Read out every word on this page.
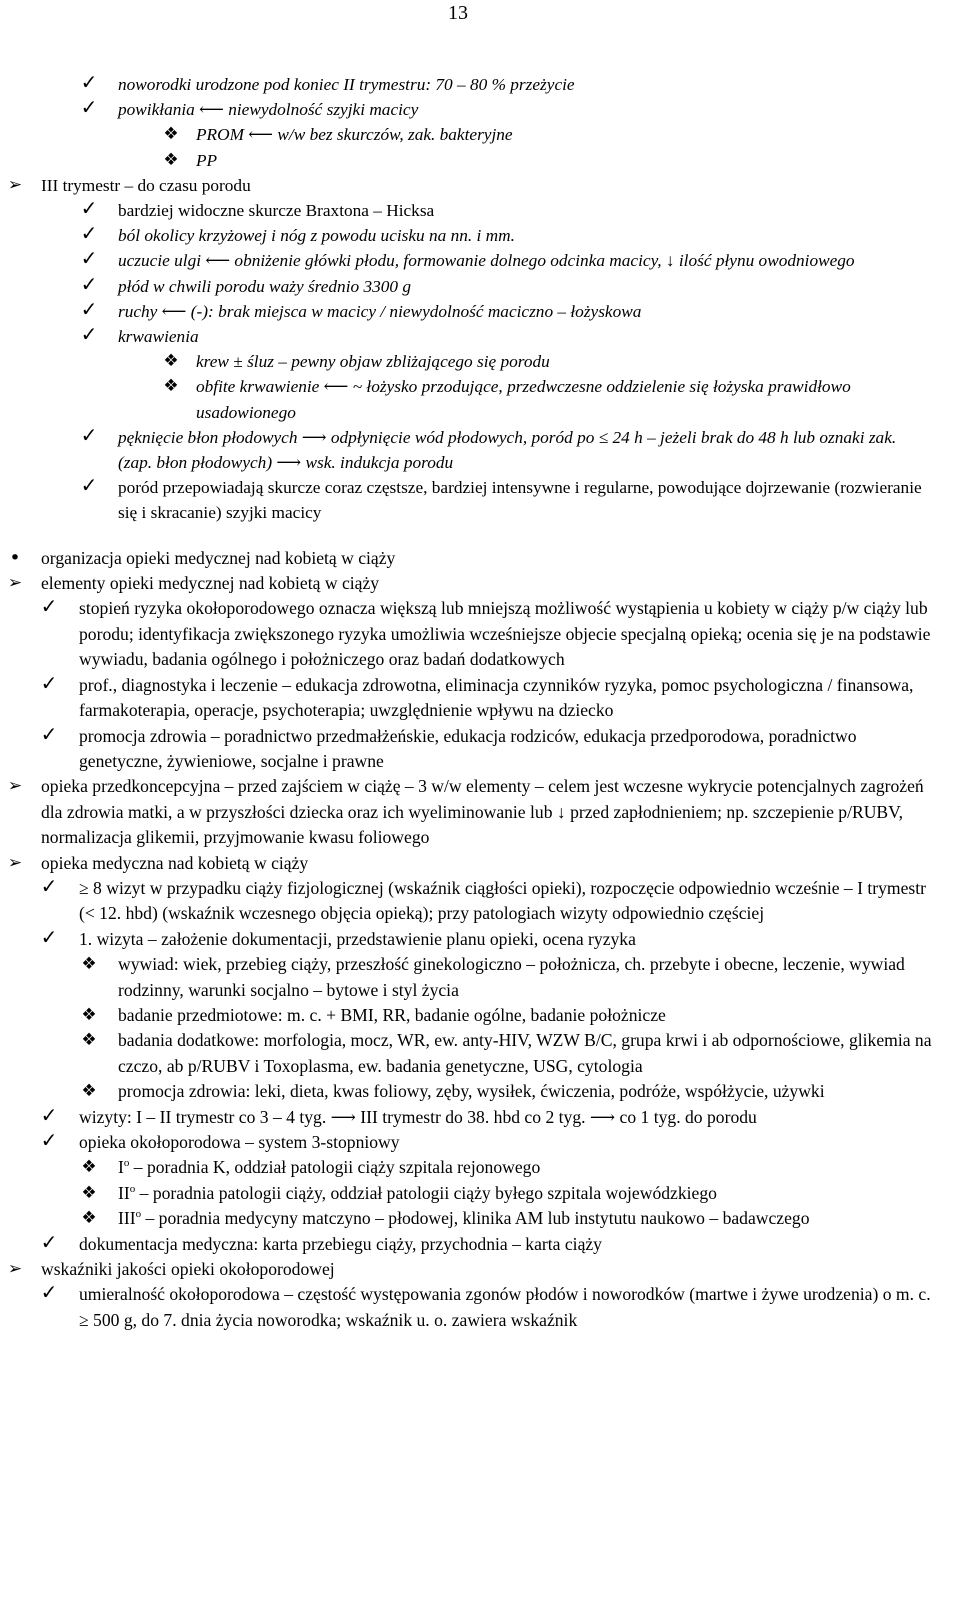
13
✓ noworodki urodzone pod koniec II trymestru: 70 – 80 % przeżycie
✓ powikłania ⟵ niewydolność szyjki macicy
❖ PROM ⟵ w/w bez skurczów, zak. bakteryjne
❖ PP
➢ III trymestr – do czasu porodu
✓ bardziej widoczne skurcze Braxtona – Hicksa
✓ ból okolicy krzyżowej i nóg z powodu ucisku na nn. i mm.
✓ uczucie ulgi ⟵ obniżenie główki płodu, formowanie dolnego odcinka macicy, ↓ ilość płynu owodniowego
✓ płód w chwili porodu waży średnio 3300 g
✓ ruchy ⟵ (-): brak miejsca w macicy / niewydolność maciczno – łożyskowa
✓ krwawienia
❖ krew ± śluz – pewny objaw zbliżającego się porodu
❖ obfite krwawienie ⟵ ~ łożysko przodujące, przedwczesne oddzielenie się łożyska prawidłowo usadowionego
✓ pęknięcie błon płodowych ⟶ odpłynięcie wód płodowych, poród po ≤ 24 h – jeżeli brak do 48 h lub oznaki zak. (zap. błon płodowych) ⟶ wsk. indukcja porodu
✓ poród przepowiadają skurcze coraz częstsze, bardziej intensywne i regularne, powodujące dojrzewanie (rozwieranie się i skracanie) szyjki macicy
•	organizacja opieki medycznej nad kobietą w ciąży
➢ elementy opieki medycznej nad kobietą w ciąży
✓ stopień ryzyka okołoporodowego oznacza większą lub mniejszą możliwość wystąpienia u kobiety w ciąży p/w ciąży lub porodu; identyfikacja zwiększonego ryzyka umożliwia wcześniejsze objecie specjalną opieką; ocenia się je na podstawie wywiadu, badania ogólnego i położniczego oraz badań dodatkowych
✓ prof., diagnostyka i leczenie – edukacja zdrowotna, eliminacja czynników ryzyka, pomoc psychologiczna / finansowa, farmakoterapia, operacje, psychoterapia; uwzględnienie wpływu na dziecko
✓ promocja zdrowia – poradnictwo przedmałżeńskie, edukacja rodziców, edukacja przedporodowa, poradnictwo genetyczne, żywieniowe, socjalne i prawne
➢ opieka przedkoncepcyjna – przed zajściem w ciążę – 3 w/w elementy – celem jest wczesne wykrycie potencjalnych zagrożeń dla zdrowia matki, a w przyszłości dziecka oraz ich wyeliminowanie lub ↓ przed zapłodnieniem; np. szczepienie p/RUBV, normalizacja glikemii, przyjmowanie kwasu foliowego
➢ opieka medyczna nad kobietą w ciąży
✓ ≥ 8 wizyt w przypadku ciąży fizjologicznej (wskaźnik ciągłości opieki), rozpoczęcie odpowiednio wcześnie – I trymestr (< 12. hbd) (wskaźnik wczesnego objęcia opieką); przy patologiach wizyty odpowiednio częściej
✓ 1. wizyta – założenie dokumentacji, przedstawienie planu opieki, ocena ryzyka
❖ wywiad: wiek, przebieg ciąży, przeszłość ginekologiczno – położnicza, ch. przebyte i obecne, leczenie, wywiad rodzinny, warunki socjalno – bytowe i styl życia
❖ badanie przedmiotowe: m. c. + BMI, RR, badanie ogólne, badanie położnicze
❖ badania dodatkowe: morfologia, mocz, WR, ew. anty-HIV, WZW B/C, grupa krwi i ab odpornościowe, glikemia na czczo, ab p/RUBV i Toxoplasma, ew. badania genetyczne, USG, cytologia
❖ promocja zdrowia: leki, dieta, kwas foliowy, zęby, wysiłek, ćwiczenia, podróże, współżycie, używki
✓ wizyty: I – II trymestr co 3 – 4 tyg. ⟶ III trymestr do 38. hbd co 2 tyg. ⟶ co 1 tyg. do porodu
✓ opieka okołoporodowa – system 3-stopniowy
❖ $I^o$ – poradnia K, oddział patologii ciąży szpitala rejonowego
❖ $II^o$ – poradnia patologii ciąży, oddział patologii ciąży byłego szpitala wojewódzkiego
❖ III$^o$ – poradnia medycyny matczyno – płodowej, klinika AM lub instytutu naukowo – badawczego
✓ dokumentacja medyczna: karta przebiegu ciąży, przychodnia – karta ciąży
➢ wskaźniki jakości opieki okołoporodowej
✓ umieralność okołoporodowa – częstość występowania zgonów płodów i noworodków (martwe i żywe urodzenia) o m. c. ≥ 500 g, do 7. dnia życia noworodka; wskaźnik u. o. zawiera wskaźnik
